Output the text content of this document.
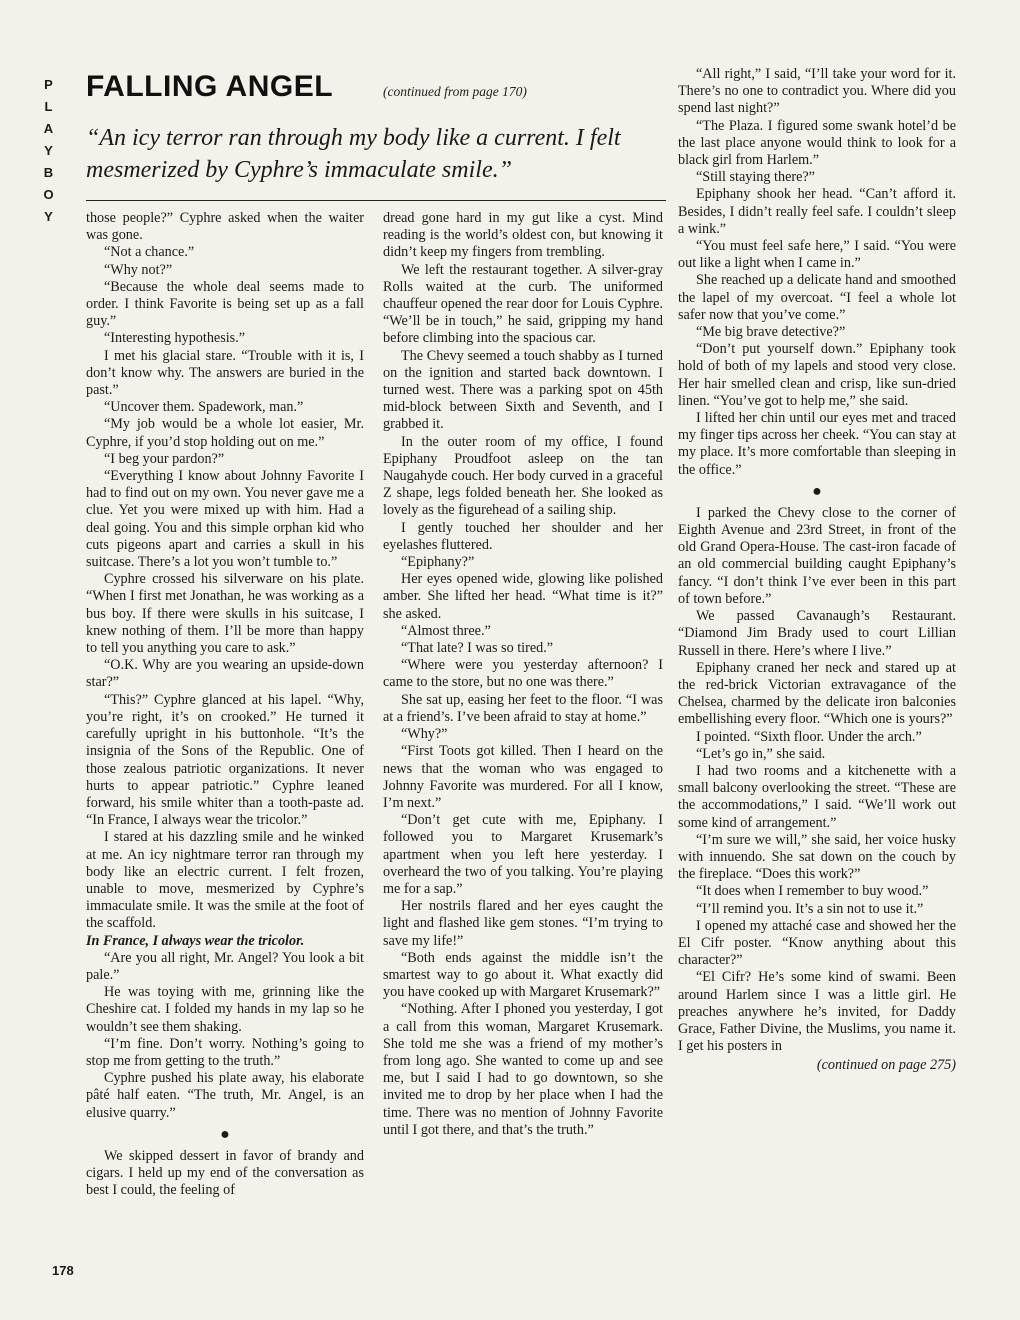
P
L
A
Y
B
O
Y
FALLING ANGEL	(continued from page 170)
“An icy terror ran through my body like a current. I felt mesmerized by Cyphre’s immaculate smile.”

those people?” Cyphre asked when the waiter was gone.

“Not a chance.”

“Why not?”

“Because the whole deal seems made to order. I think Favorite is being set up as a fall guy.”

“Interesting hypothesis.”

I met his glacial stare. “Trouble with it is, I don’t know why. The answers are buried in the past.”

“Uncover them. Spadework, man.”

“My job would be a whole lot easier, Mr. Cyphre, if you’d stop holding out on me.”

“I beg your pardon?”

“Everything I know about Johnny Favorite I had to find out on my own. You never gave me a clue. Yet you were mixed up with him. Had a deal going. You and this simple orphan kid who cuts pigeons apart and carries a skull in his suitcase. There’s a lot you won’t tumble to.”

Cyphre crossed his silverware on his plate. “When I first met Jonathan, he was working as a bus boy. If there were skulls in his suitcase, I knew nothing of them. I’ll be more than happy to tell you anything you care to ask.”

“O.K. Why are you wearing an upside-down star?”

“This?” Cyphre glanced at his lapel. “Why, you’re right, it’s on crooked.” He turned it carefully upright in his buttonhole. “It’s the insignia of the Sons of the Republic. One of those zealous patriotic organizations. It never hurts to appear patriotic.” Cyphre leaned forward, his smile whiter than a tooth-paste ad. “In France, I always wear the tricolor.”

I stared at his dazzling smile and he winked at me. An icy nightmare terror ran through my body like an electric current. I felt frozen, unable to move, mesmerized by Cyphre’s immaculate smile. It was the smile at the foot of the scaffold.

In France, I always wear the tricolor.

“Are you all right, Mr. Angel? You look a bit pale.”

He was toying with me, grinning like the Cheshire cat. I folded my hands in my lap so he wouldn’t see them shaking.

“I’m fine. Don’t worry. Nothing’s going to stop me from getting to the truth.”

Cyphre pushed his plate away, his elaborate pâté half eaten. “The truth, Mr. Angel, is an elusive quarry.”

●

We skipped dessert in favor of brandy and cigars. I held up my end of the conversation as best I could, the feeling of

dread gone hard in my gut like a cyst. Mind reading is the world’s oldest con, but knowing it didn’t keep my fingers from trembling.

We left the restaurant together. A silver-gray Rolls waited at the curb. The uniformed chauffeur opened the rear door for Louis Cyphre. “We’ll be in touch,” he said, gripping my hand before climbing into the spacious car.

The Chevy seemed a touch shabby as I turned on the ignition and started back downtown. I turned west. There was a parking spot on 45th mid-block between Sixth and Seventh, and I grabbed it.

In the outer room of my office, I found Epiphany Proudfoot asleep on the tan Naugahyde couch. Her body curved in a graceful Z shape, legs folded beneath her. She looked as lovely as the figurehead of a sailing ship.

I gently touched her shoulder and her eyelashes fluttered.

“Epiphany?”

Her eyes opened wide, glowing like polished amber. She lifted her head. “What time is it?” she asked.

“Almost three.”

“That late? I was so tired.”

“Where were you yesterday afternoon? I came to the store, but no one was there.”

She sat up, easing her feet to the floor. “I was at a friend’s. I’ve been afraid to stay at home.”

“Why?”

“First Toots got killed. Then I heard on the news that the woman who was engaged to Johnny Favorite was murdered. For all I know, I’m next.”

“Don’t get cute with me, Epiphany. I followed you to Margaret Krusemark’s apartment when you left here yesterday. I overheard the two of you talking. You’re playing me for a sap.”

Her nostrils flared and her eyes caught the light and flashed like gem stones. “I’m trying to save my life!”

“Both ends against the middle isn’t the smartest way to go about it. What exactly did you have cooked up with Margaret Krusemark?”

“Nothing. After I phoned you yesterday, I got a call from this woman, Margaret Krusemark. She told me she was a friend of my mother’s from long ago. She wanted to come up and see me, but I said I had to go downtown, so she invited me to drop by her place when I had the time. There was no mention of Johnny Favorite until I got there, and that’s the truth.”

“All right,” I said, “I’ll take your word for it. There’s no one to contradict you. Where did you spend last night?”

“The Plaza. I figured some swank hotel’d be the last place anyone would think to look for a black girl from Harlem.”

“Still staying there?”

Epiphany shook her head. “Can’t afford it. Besides, I didn’t really feel safe. I couldn’t sleep a wink.”

“You must feel safe here,” I said. “You were out like a light when I came in.”

She reached up a delicate hand and smoothed the lapel of my overcoat. “I feel a whole lot safer now that you’ve come.”

“Me big brave detective?”

“Don’t put yourself down.” Epiphany took hold of both of my lapels and stood very close. Her hair smelled clean and crisp, like sun-dried linen. “You’ve got to help me,” she said.

I lifted her chin until our eyes met and traced my finger tips across her cheek. “You can stay at my place. It’s more comfortable than sleeping in the office.”

●

I parked the Chevy close to the corner of Eighth Avenue and 23rd Street, in front of the old Grand Opera-House. The cast-iron facade of an old commercial building caught Epiphany’s fancy. “I don’t think I’ve ever been in this part of town before.”

We passed Cavanaugh’s Restaurant. “Diamond Jim Brady used to court Lillian Russell in there. Here’s where I live.”

Epiphany craned her neck and stared up at the red-brick Victorian extravagance of the Chelsea, charmed by the delicate iron balconies embellishing every floor. “Which one is yours?”

I pointed. “Sixth floor. Under the arch.”

“Let’s go in,” she said.

I had two rooms and a kitchenette with a small balcony overlooking the street. “These are the accommodations,” I said. “We’ll work out some kind of arrangement.”

“I’m sure we will,” she said, her voice husky with innuendo. She sat down on the couch by the fireplace. “Does this work?”

“It does when I remember to buy wood.”

“I’ll remind you. It’s a sin not to use it.”

I opened my attaché case and showed her the El Cifr poster. “Know anything about this character?”

“El Cifr? He’s some kind of swami. Been around Harlem since I was a little girl. He preaches anywhere he’s invited, for Daddy Grace, Father Divine, the Muslims, you name it. I get his posters in

(continued on page 275)

178
